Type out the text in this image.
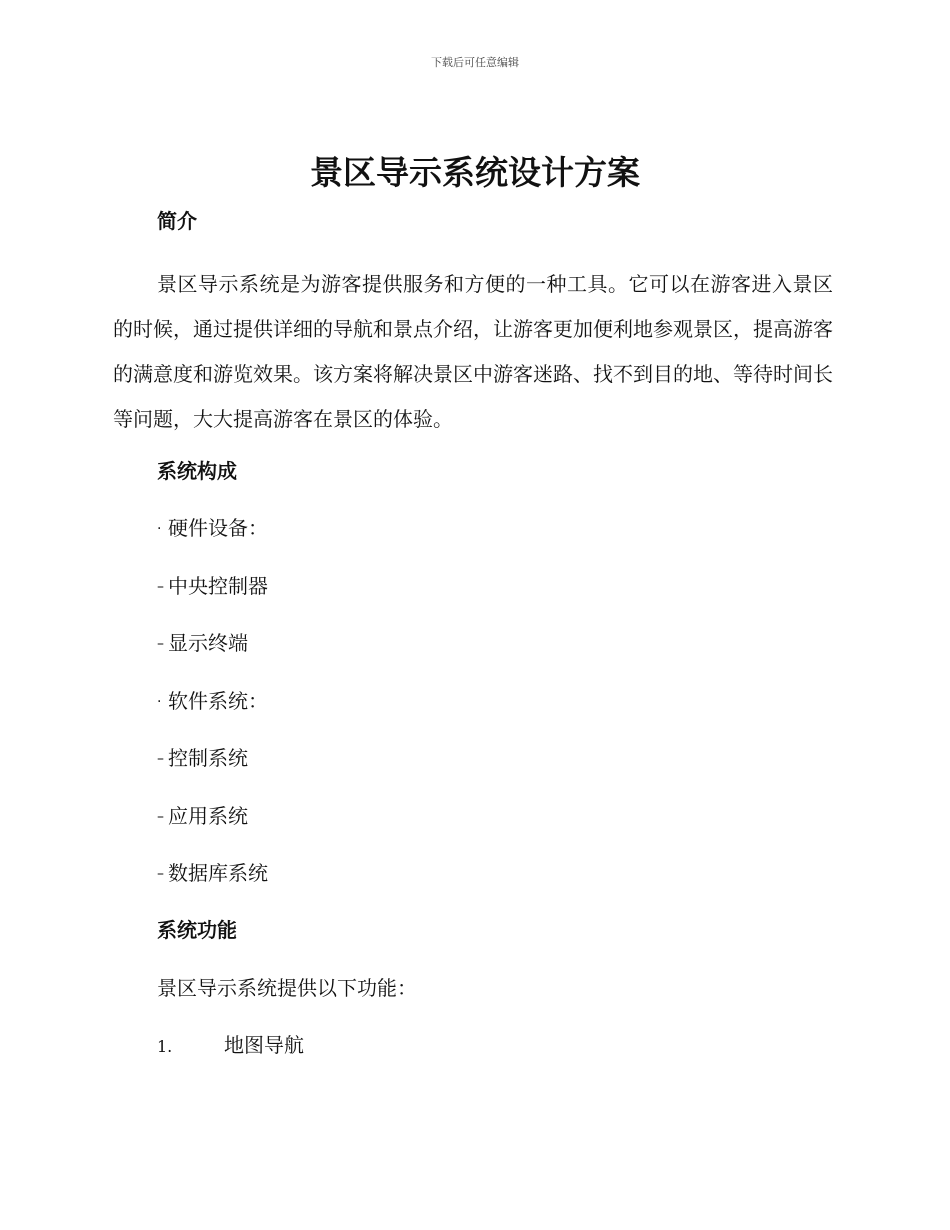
下载后可任意编辑
景区导示系统设计方案
简介

景区导示系统是为游客提供服务和方便的一种工具。它可以在游客进入景区的时候，通过提供详细的导航和景点介绍，让游客更加便利地参观景区，提高游客的满意度和游览效果。该方案将解决景区中游客迷路、找不到目的地、等待时间长等问题，大大提高游客在景区的体验。

系统构成
· 硬件设备：
– 中央控制器
– 显示终端
· 软件系统：
– 控制系统
– 应用系统
– 数据库系统
系统功能
景区导示系统提供以下功能：
1.	地图导航
